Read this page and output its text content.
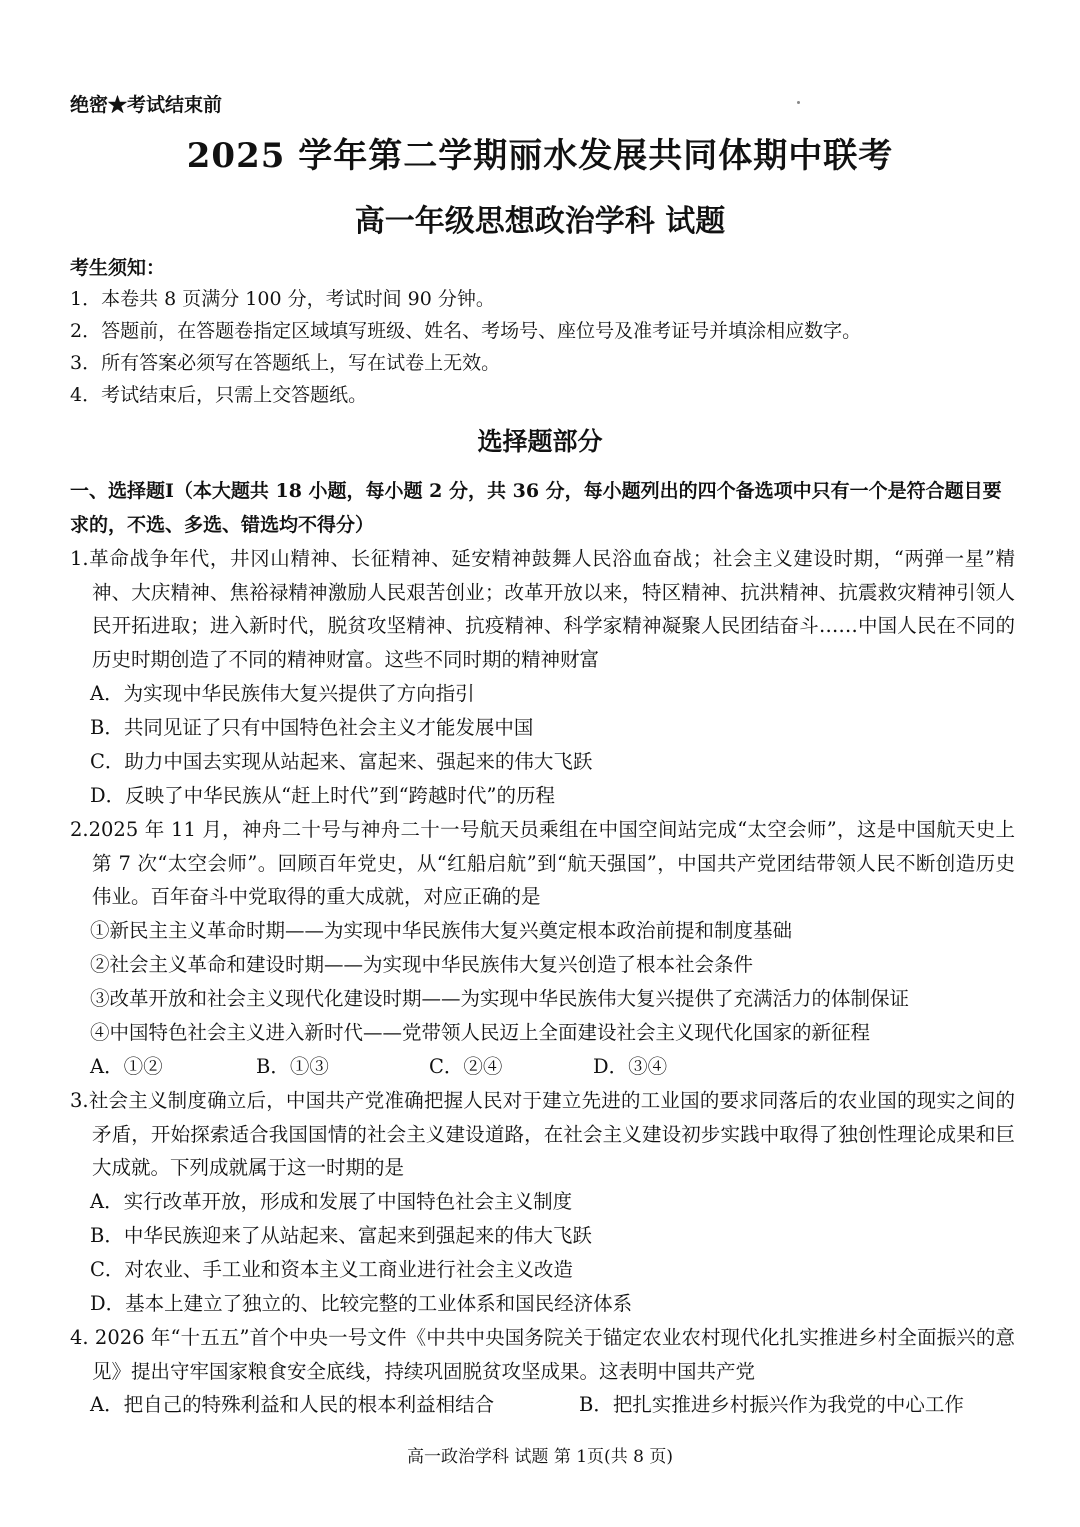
绝密★考试结束前
2025 学年第二学期丽水发展共同体期中联考
高一年级思想政治学科 试题
考生须知：
1．本卷共 8 页满分 100 分，考试时间 90 分钟。
2．答题前，在答题卷指定区域填写班级、姓名、考场号、座位号及准考证号并填涂相应数字。
3．所有答案必须写在答题纸上，写在试卷上无效。
4．考试结束后，只需上交答题纸。
选择题部分
一、选择题Ⅰ（本大题共 18 小题，每小题 2 分，共 36 分，每小题列出的四个备选项中只有一个是符合题目要求的，不选、多选、错选均不得分）
1.革命战争年代，井冈山精神、长征精神、延安精神鼓舞人民浴血奋战；社会主义建设时期，“两弹一星”精神、大庆精神、焦裕禄精神激励人民艰苦创业；改革开放以来，特区精神、抗洪精神、抗震救灾精神引领人民开拓进取；进入新时代，脱贫攻坚精神、抗疫精神、科学家精神凝聚人民团结奋斗……中国人民在不同的历史时期创造了不同的精神财富。这些不同时期的精神财富
A．为实现中华民族伟大复兴提供了方向指引
B．共同见证了只有中国特色社会主义才能发展中国
C．助力中国去实现从站起来、富起来、强起来的伟大飞跃
D．反映了中华民族从“赶上时代”到“跨越时代”的历程
2.2025 年 11 月，神舟二十号与神舟二十一号航天员乘组在中国空间站完成“太空会师”，这是中国航天史上第 7 次“太空会师”。回顾百年党史，从“红船启航”到“航天强国”，中国共产党团结带领人民不断创造历史伟业。百年奋斗中党取得的重大成就，对应正确的是
①新民主主义革命时期——为实现中华民族伟大复兴奠定根本政治前提和制度基础
②社会主义革命和建设时期——为实现中华民族伟大复兴创造了根本社会条件
③改革开放和社会主义现代化建设时期——为实现中华民族伟大复兴提供了充满活力的体制保证
④中国特色社会主义进入新时代——党带领人民迈上全面建设社会主义现代化国家的新征程
A．①②	B．①③	C．②④	D．③④
3.社会主义制度确立后，中国共产党准确把握人民对于建立先进的工业国的要求同落后的农业国的现实之间的矛盾，开始探索适合我国国情的社会主义建设道路，在社会主义建设初步实践中取得了独创性理论成果和巨大成就。下列成就属于这一时期的是
A．实行改革开放，形成和发展了中国特色社会主义制度
B．中华民族迎来了从站起来、富起来到强起来的伟大飞跃
C．对农业、手工业和资本主义工商业进行社会主义改造
D．基本上建立了独立的、比较完整的工业体系和国民经济体系
4. 2026 年“十五五”首个中央一号文件《中共中央国务院关于锚定农业农村现代化扎实推进乡村全面振兴的意见》提出守牢国家粮食安全底线，持续巩固脱贫攻坚成果。这表明中国共产党
A．把自己的特殊利益和人民的根本利益相结合	B．把扎实推进乡村振兴作为我党的中心工作
高一政治学科 试题 第 1页(共 8 页)
